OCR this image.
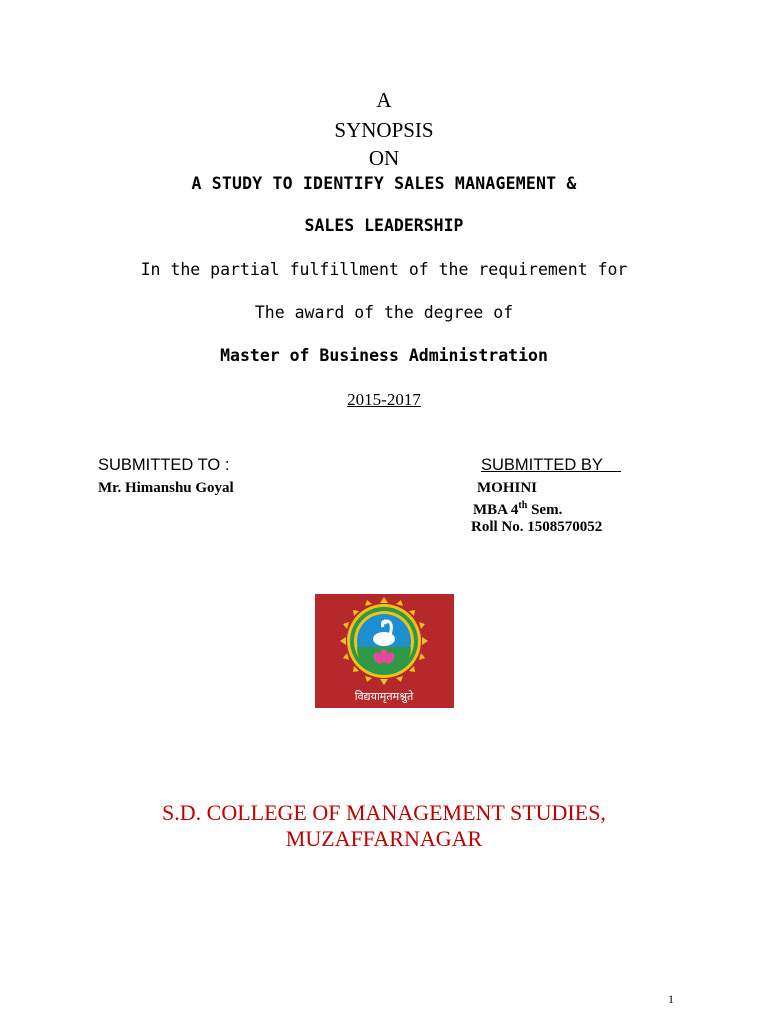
A
SYNOPSIS
ON
A STUDY TO IDENTIFY SALES MANAGEMENT &
SALES LEADERSHIP
In the partial fulfillment of the requirement for
The award of the degree of
Master of Business Administration
2015-2017
SUBMITTED TO :
Mr. Himanshu Goyal
SUBMITTED BY
MOHINI
MBA 4th Sem.
Roll No. 1508570052
विद्ययामृतमश्नुते
S.D. COLLEGE OF MANAGEMENT STUDIES,
MUZAFFARNAGAR
1
